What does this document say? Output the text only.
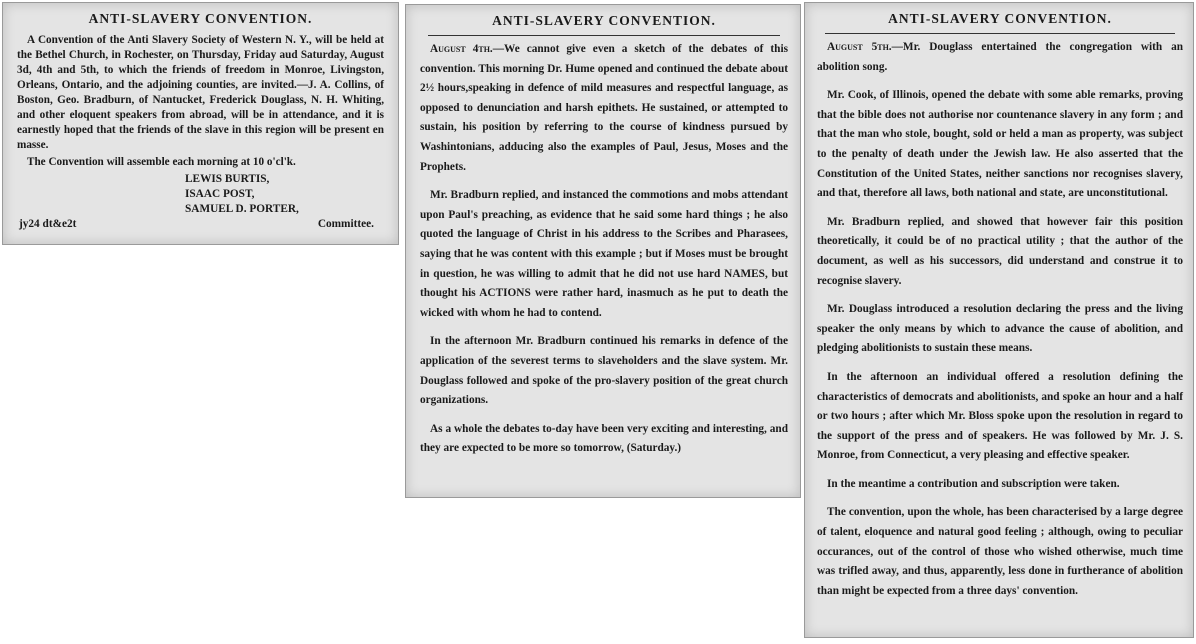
ANTI-SLAVERY CONVENTION.

A Convention of the Anti Slavery Society of Western N. Y., will be held at the Bethel Church, in Rochester, on Thursday, Friday aud Saturday, August 3d, 4th and 5th, to which the friends of freedom in Monroe, Livingston, Orleans, Ontario, and the adjoining counties, are invited.—J. A. Collins, of Boston, Geo. Bradburn, of Nantucket, Frederick Douglass, N. H. Whiting, and other eloquent speakers from abroad, will be in attendance, and it is earnestly hoped that the friends of the slave in this region will be present en masse.

The Convention will assemble each morning at 10 o'cl'k.

LEWIS BURTIS,
ISAAC POST,
SAMUEL D. PORTER,
jy24 dt&e2t	Committee.
ANTI-SLAVERY CONVENTION.

August 4th.—We cannot give even a sketch of the debates of this convention. This morning Dr. Hume opened and continued the debate about 2½ hours,speaking in defence of mild measures and respectful language, as opposed to denunciation and harsh epithets. He sustained, or attempted to sustain, his position by referring to the course of kindness pursued by Washintonians, adducing also the examples of Paul, Jesus, Moses and the Prophets.

Mr. Bradburn replied, and instanced the commotions and mobs attendant upon Paul's preaching, as evidence that he said some hard things ; he also quoted the language of Christ in his address to the Scribes and Pharasees, saying that he was content with this example ; but if Moses must be brought in question, he was willing to admit that he did not use hard NAMES, but thought his ACTIONS were rather hard, inasmuch as he put to death the wicked with whom he had to contend.

In the afternoon Mr. Bradburn continued his remarks in defence of the application of the severest terms to slaveholders and the slave system. Mr. Douglass followed and spoke of the pro-slavery position of the great church organizations.

As a whole the debates to-day have been very exciting and interesting, and they are expected to be more so tomorrow, (Saturday.)

ANTI-SLAVERY CONVENTION.

August 5th.—Mr. Douglass entertained the congregation with an abolition song.

Mr. Cook, of Illinois, opened the debate with some able remarks, proving that the bible does not authorise nor countenance slavery in any form ; and that the man who stole, bought, sold or held a man as property, was subject to the penalty of death under the Jewish law. He also asserted that the Constitution of the United States, neither sanctions nor recognises slavery, and that, therefore all laws, both national and state, are unconstitutional.

Mr. Bradburn replied, and showed that however fair this position theoretically, it could be of no practical utility ; that the author of the document, as well as his successors, did understand and construe it to recognise slavery.

Mr. Douglass introduced a resolution declaring the press and the living speaker the only means by which to advance the cause of abolition, and pledging abolitionists to sustain these means.

In the afternoon an individual offered a resolution defining the characteristics of democrats and abolitionists, and spoke an hour and a half or two hours ; after which Mr. Bloss spoke upon the resolution in regard to the support of the press and of speakers. He was followed by Mr. J. S. Monroe, from Connecticut, a very pleasing and effective speaker.

In the meantime a contribution and subscription were taken.

The convention, upon the whole, has been characterised by a large degree of talent, eloquence and natural good feeling ; although, owing to peculiar occurances, out of the control of those who wished otherwise, much time was trifled away, and thus, apparently, less done in furtherance of abolition than might be expected from a three days' convention.
